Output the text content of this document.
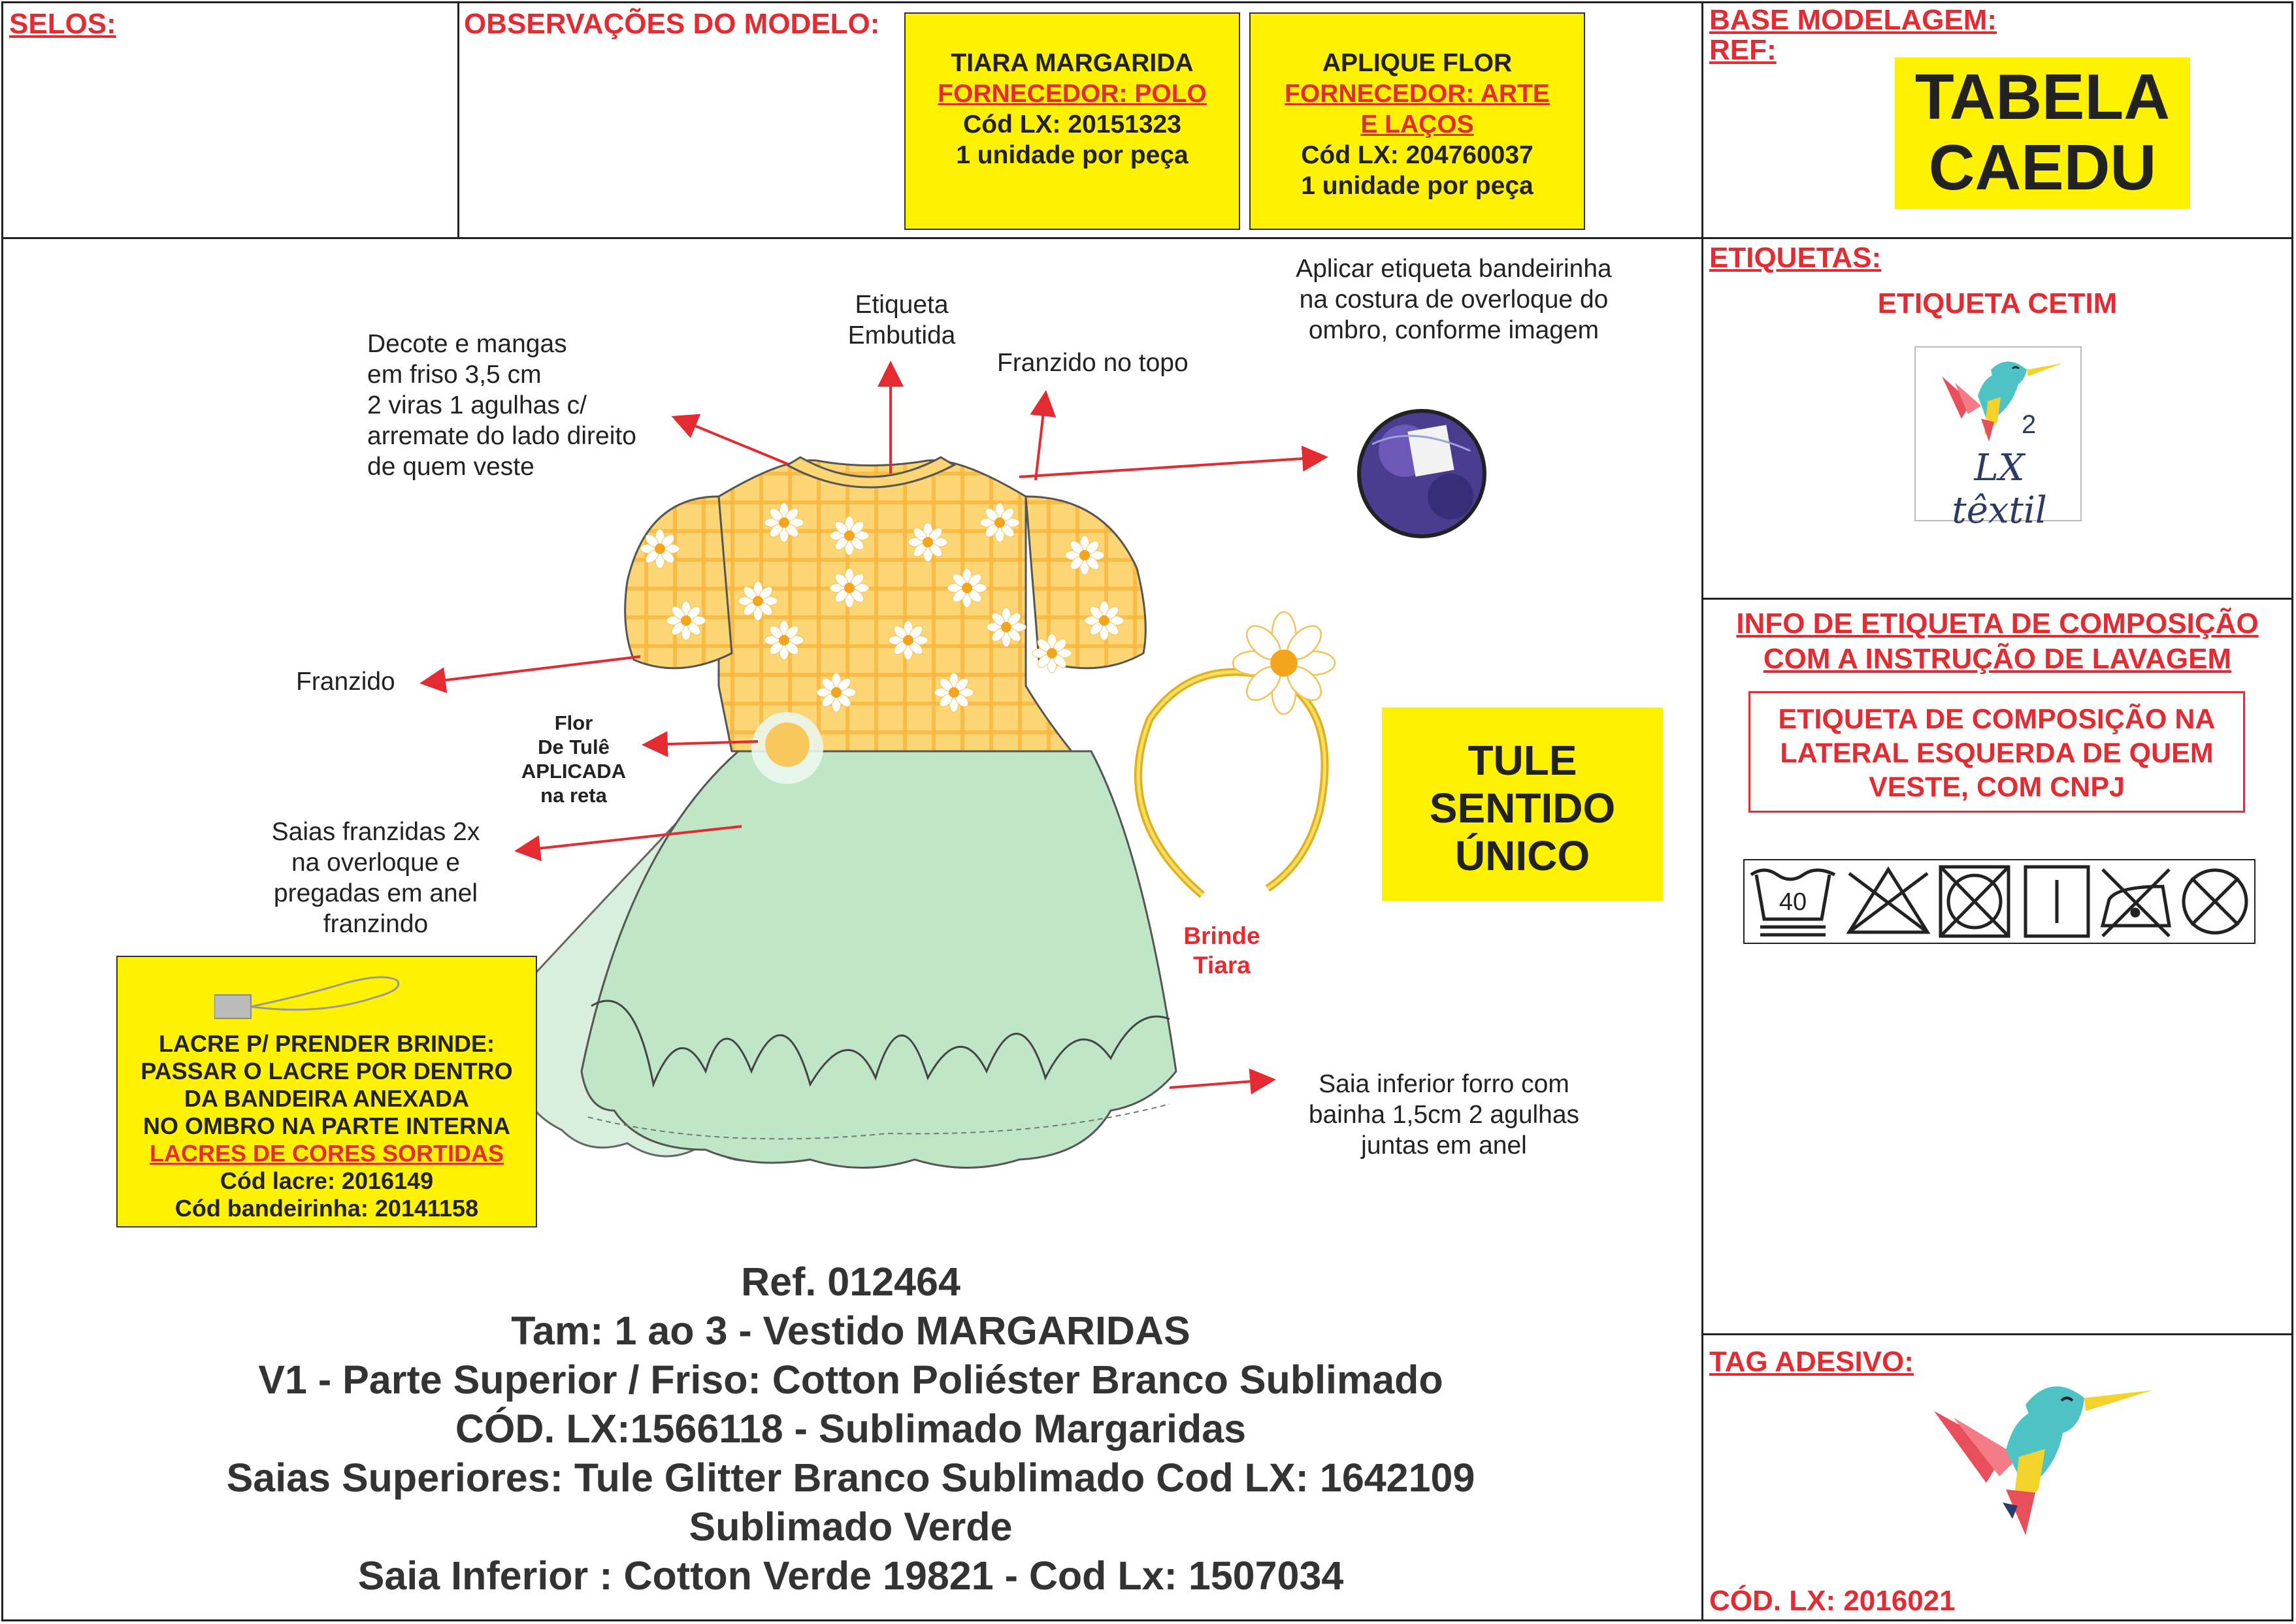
SELOS:	OBSERVAÇÕES DO MODELO:
TIARA MARGARIDA
FORNECEDOR: POLO
Cód LX: 20151323
1 unidade por peça
APLIQUE FLOR
FORNECEDOR: ARTE
E LAÇOS
Cód LX: 204760037
1 unidade por peça
BASE MODELAGEM:
REF:
TABELA
CAEDU
ETIQUETAS:
ETIQUETA CETIM
2
LX têxtil
INFO DE ETIQUETA DE COMPOSIÇÃO
COM A INSTRUÇÃO DE LAVAGEM
ETIQUETA DE COMPOSIÇÃO NA
LATERAL ESQUERDA DE QUEM
VESTE, COM CNPJ
40
TAG ADESIVO:
CÓD. LX: 2016021
Decote e mangas
em friso 3,5 cm
2 viras 1 agulhas c/
arremate do lado direito
de quem veste
Etiqueta
Embutida
Franzido no topo
Aplicar etiqueta bandeirinha
na costura de overloque do
ombro, conforme imagem
Franzido
Flor
De Tulê
APLICADA
na reta
Saias franzidas 2x
na overloque e
pregadas em anel
franzindo
Saia inferior forro com
bainha 1,5cm 2 agulhas
juntas em anel
Brinde
Tiara
TULE
SENTIDO
ÚNICO
LACRE P/ PRENDER BRINDE:
PASSAR O LACRE POR DENTRO
DA BANDEIRA ANEXADA
NO OMBRO NA PARTE INTERNA
LACRES DE CORES SORTIDAS
Cód lacre: 2016149
Cód bandeirinha: 20141158
Ref. 012464
Tam: 1 ao 3 - Vestido MARGARIDAS
V1 - Parte Superior / Friso: Cotton Poliéster Branco Sublimado
CÓD. LX:1566118 - Sublimado Margaridas
Saias Superiores: Tule Glitter Branco Sublimado Cod LX: 1642109
Sublimado Verde
Saia Inferior : Cotton Verde 19821 - Cod Lx: 1507034
